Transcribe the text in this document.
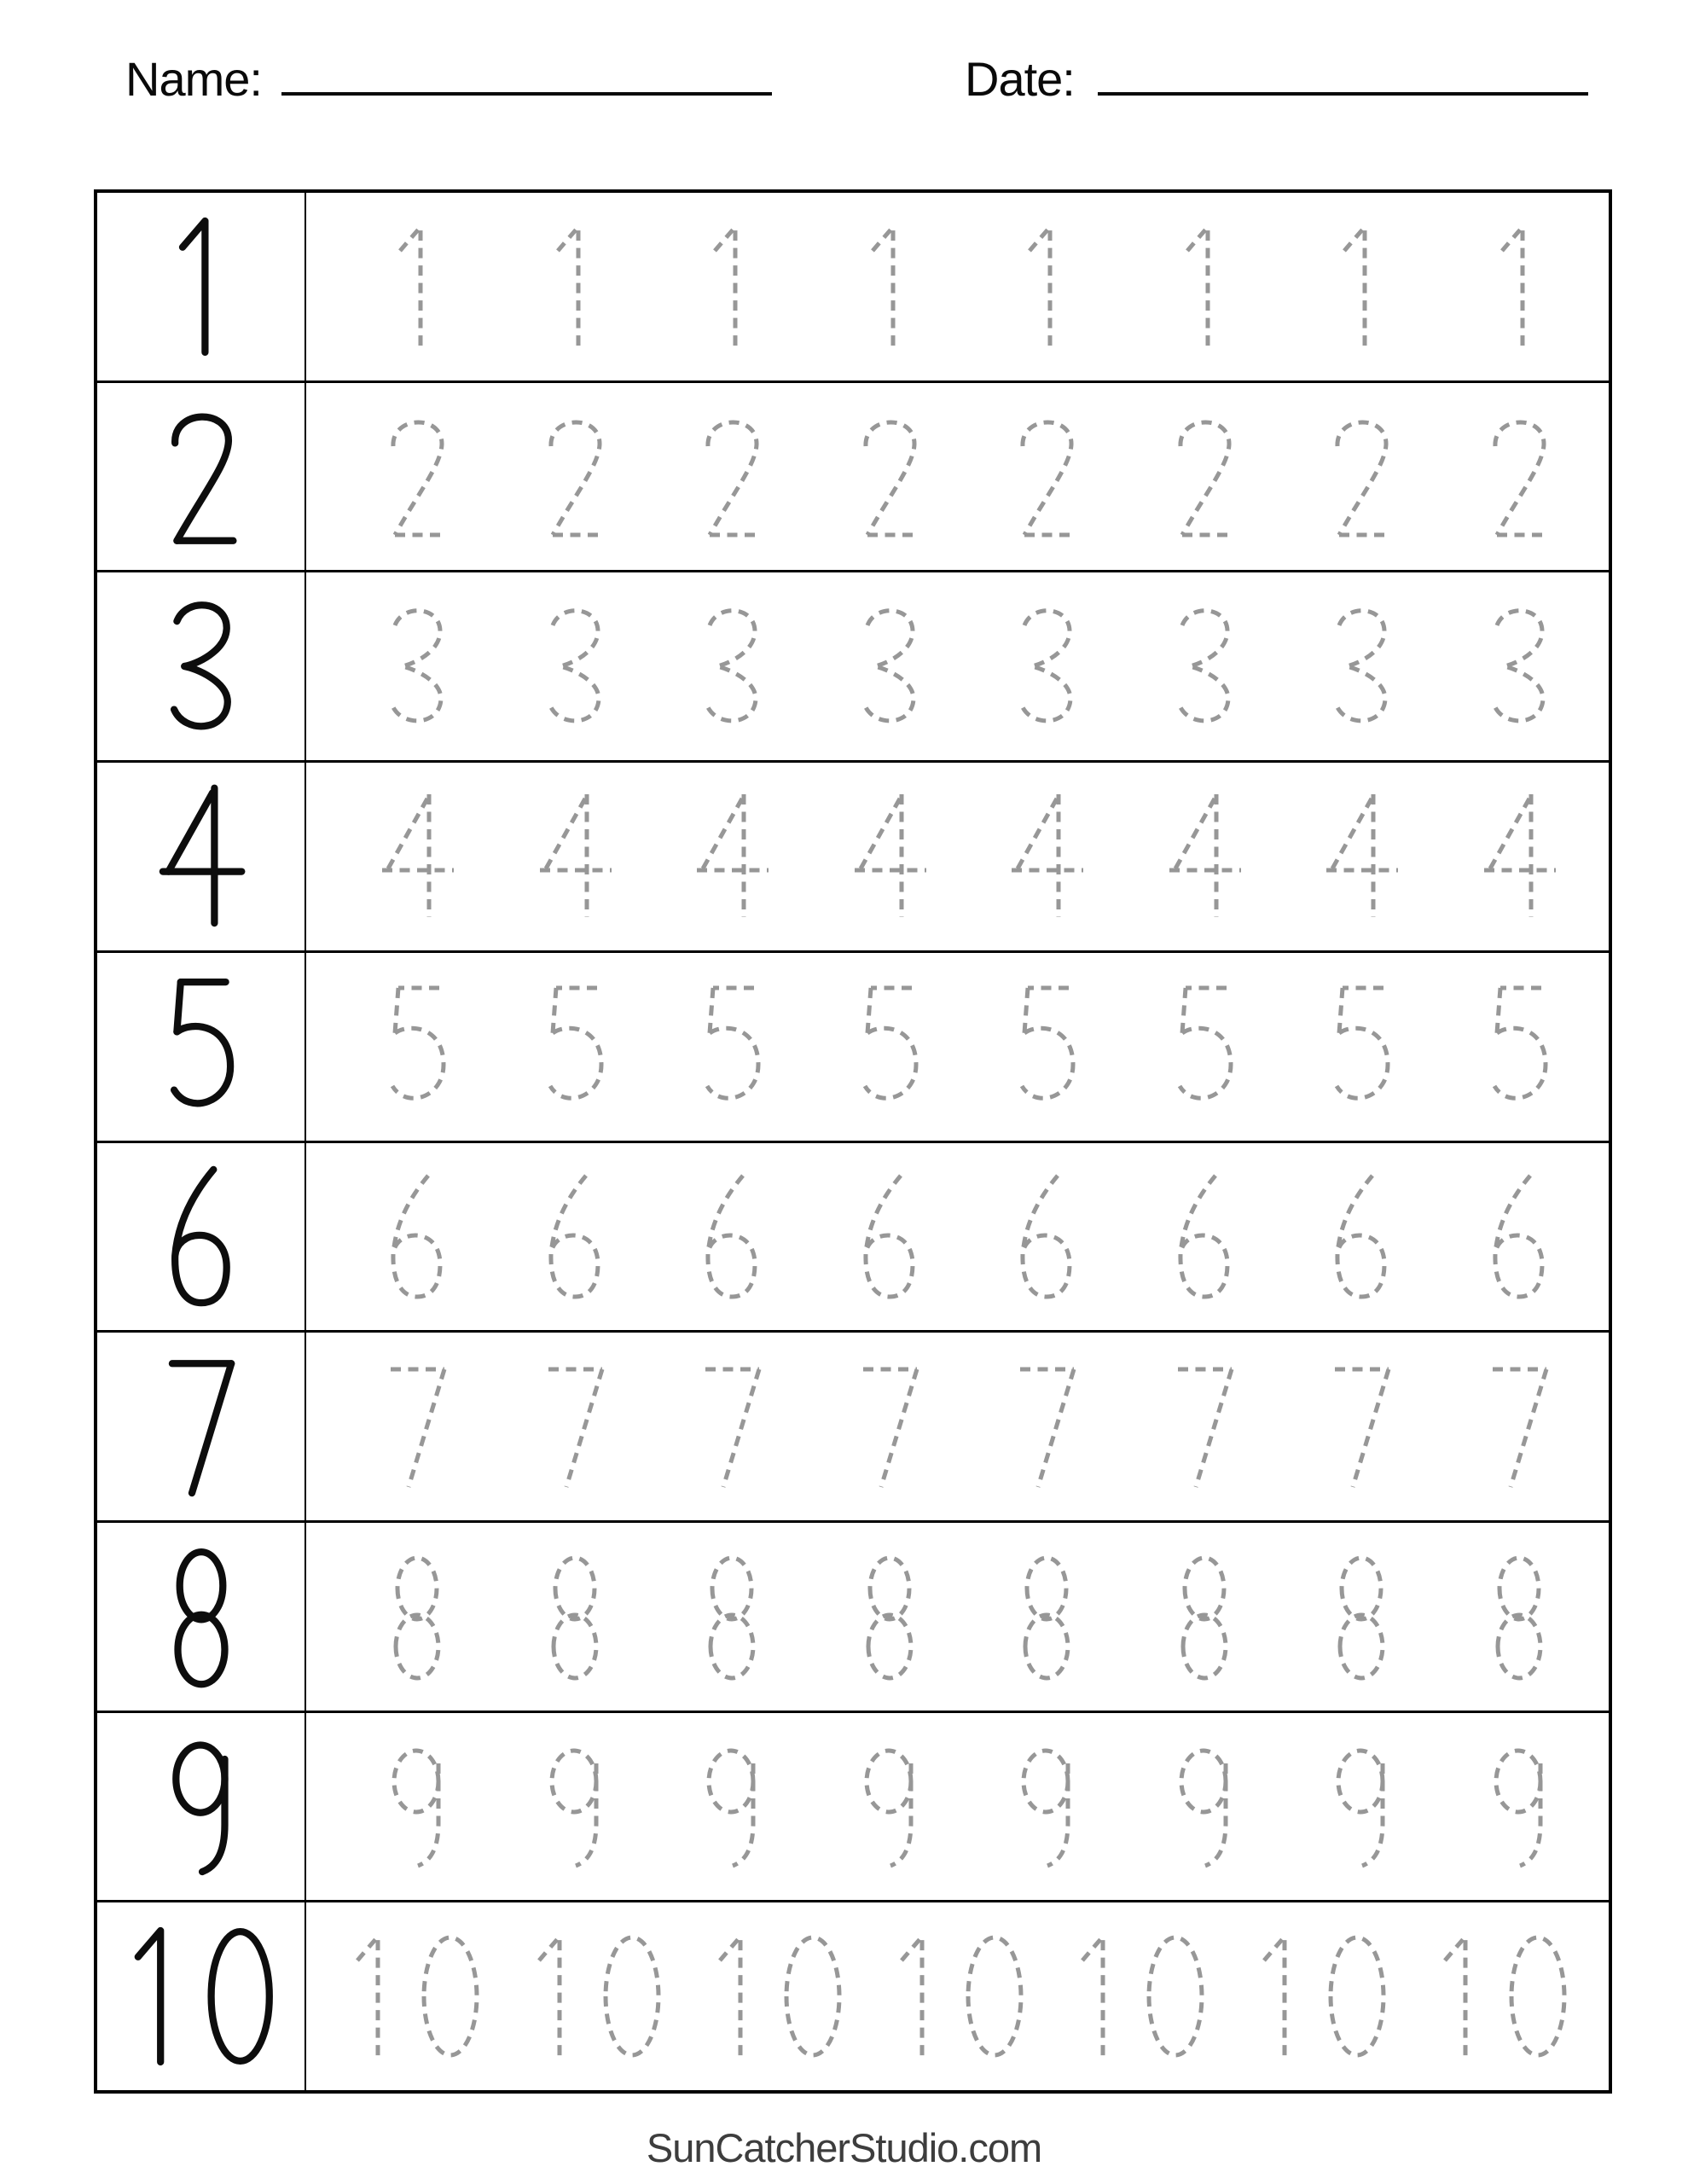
Name:	Date:
SunCatcherStudio.com
